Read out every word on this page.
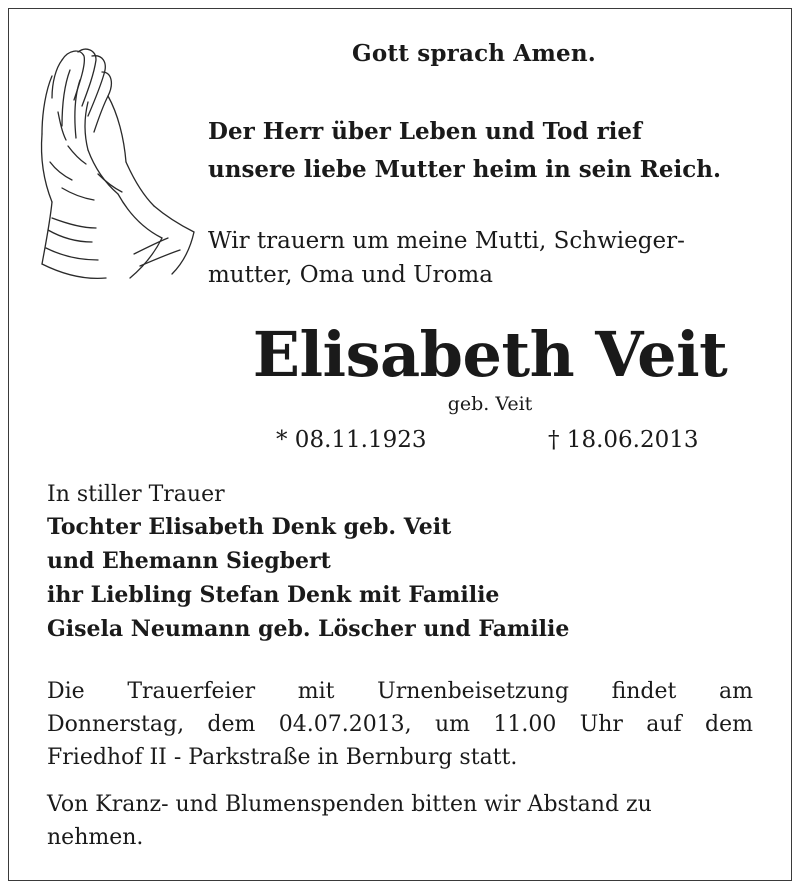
Gott sprach Amen.
Der Herr über Leben und Tod rief
unsere liebe Mutter heim in sein Reich.
Wir trauern um meine Mutti, Schwieger-
mutter, Oma und Uroma
Elisabeth Veit
geb. Veit
* 08.11.1923	† 18.06.2013
In stiller Trauer
Tochter Elisabeth Denk geb. Veit
und Ehemann Siegbert
ihr Liebling Stefan Denk mit Familie
Gisela Neumann geb. Löscher und Familie
Die Trauerfeier mit Urnenbeisetzung findet am
Donnerstag, dem 04.07.2013, um 11.00 Uhr auf dem
Friedhof II - Parkstraße in Bernburg statt.
Von Kranz- und Blumenspenden bitten wir Abstand zu
nehmen.
